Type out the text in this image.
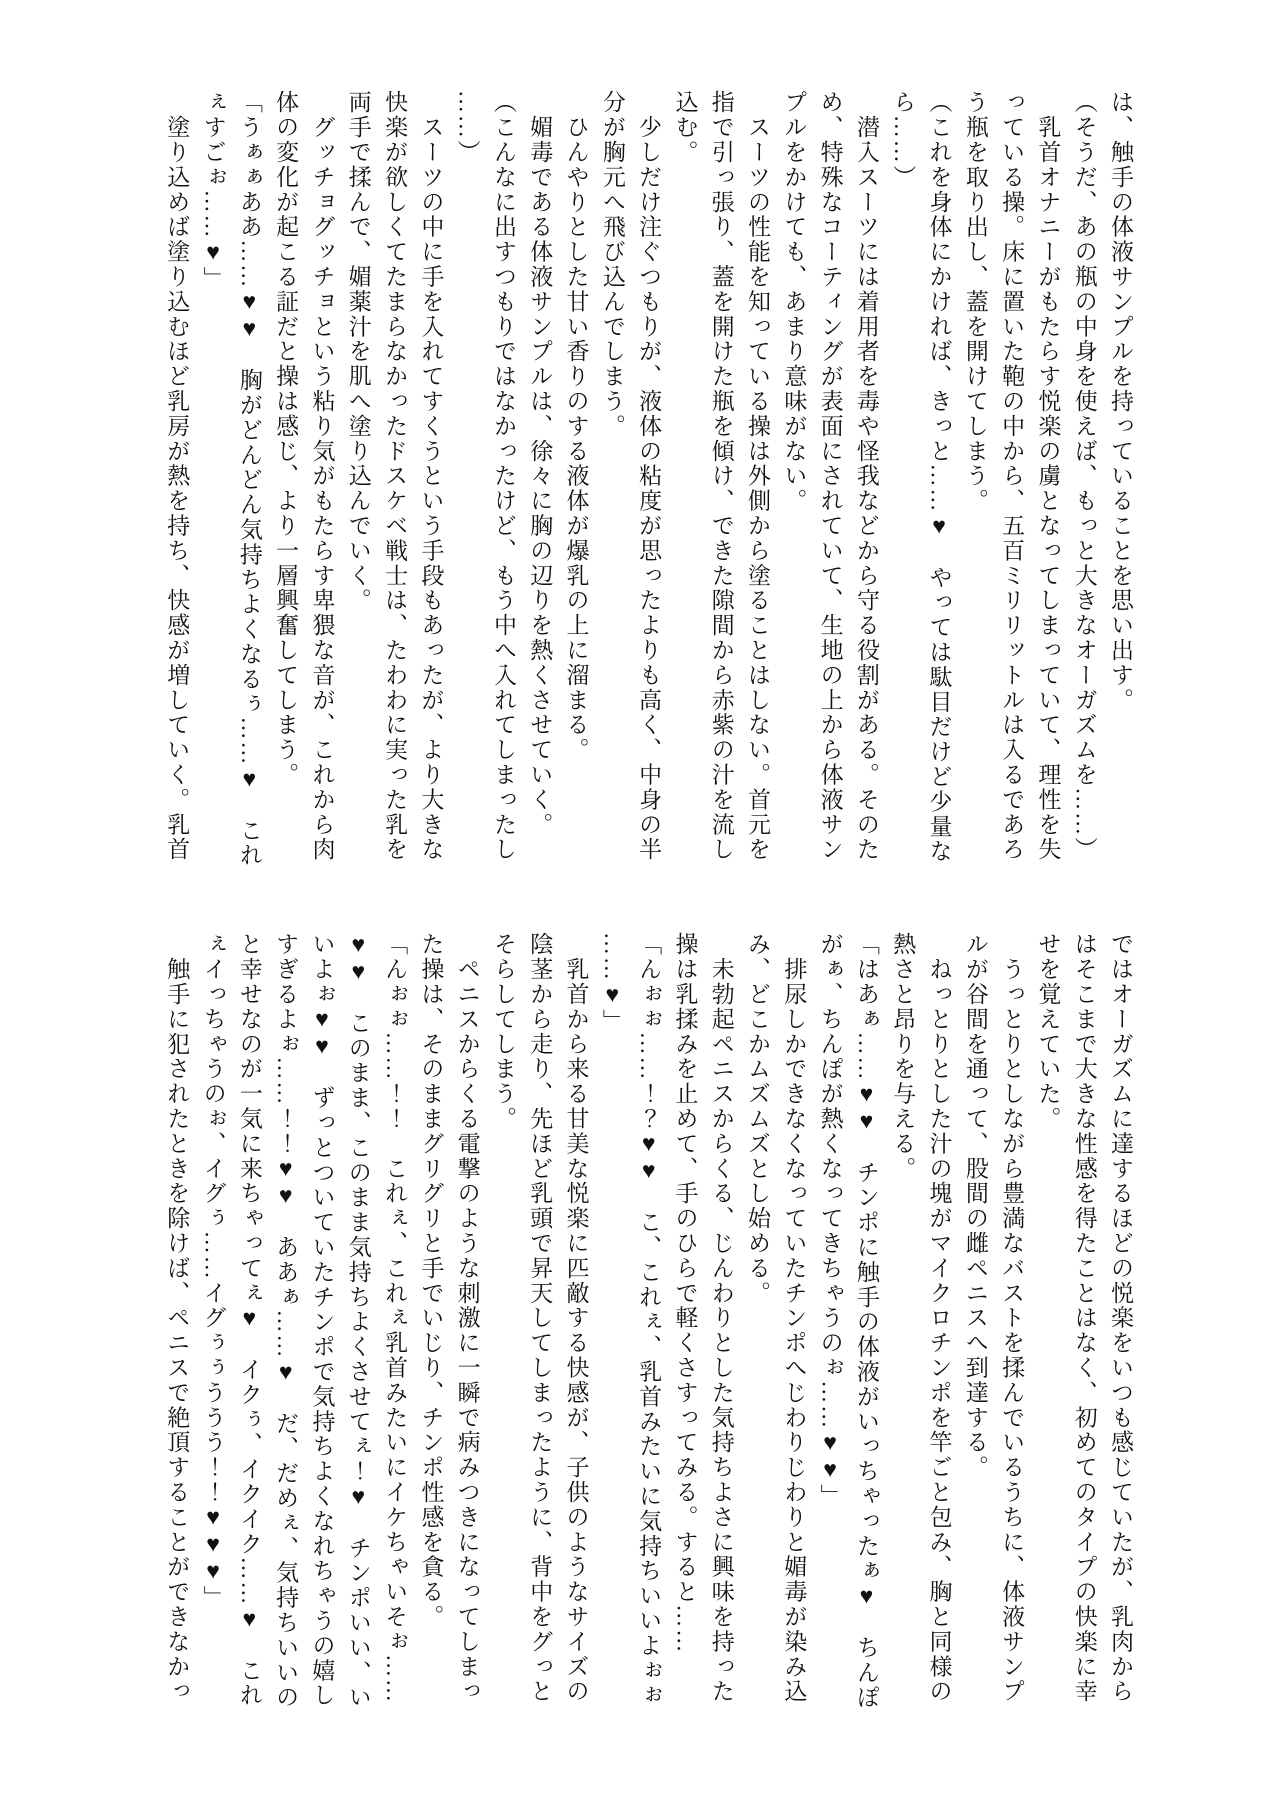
は、触手の体液サンプルを持っていることを思い出す。
（そうだ、あの瓶の中身を使えば、もっと大きなオーガズムを……）
　乳首オナニーがもたらす悦楽の虜となってしまっていて、理性を失
っている操。床に置いた鞄の中から、五百ミリリットルは入るであろ
う瓶を取り出し、蓋を開けてしまう。
（これを身体にかければ、きっと……♥　やっては駄目だけど少量な
ら……）
　潜入スーツには着用者を毒や怪我などから守る役割がある。そのた
め、特殊なコーティングが表面にされていて、生地の上から体液サン
プルをかけても、あまり意味がない。
　スーツの性能を知っている操は外側から塗ることはしない。首元を
指で引っ張り、蓋を開けた瓶を傾け、できた隙間から赤紫の汁を流し
込む。
　少しだけ注ぐつもりが、液体の粘度が思ったよりも高く、中身の半
分が胸元へ飛び込んでしまう。
　ひんやりとした甘い香りのする液体が爆乳の上に溜まる。
　媚毒である体液サンプルは、徐々に胸の辺りを熱くさせていく。
（こんなに出すつもりではなかったけど、もう中へ入れてしまったし
……）
　スーツの中に手を入れてすくうという手段もあったが、より大きな
快楽が欲しくてたまらなかったドスケベ戦士は、たわわに実った乳を
両手で揉んで、媚薬汁を肌へ塗り込んでいく。
　グッチョグッチョという粘り気がもたらす卑猥な音が、これから肉
体の変化が起こる証だと操は感じ、より一層興奮してしまう。
「うぁぁああ……♥♥　胸がどんどん気持ちよくなるぅ……♥　これ
ぇすごぉ……♥」
　塗り込めば塗り込むほど乳房が熱を持ち、快感が増していく。乳首
ではオーガズムに達するほどの悦楽をいつも感じていたが、乳肉から
はそこまで大きな性感を得たことはなく、初めてのタイプの快楽に幸
せを覚えていた。
　うっとりとしながら豊満なバストを揉んでいるうちに、体液サンプ
ルが谷間を通って、股間の雌ペニスへ到達する。
　ねっとりとした汁の塊がマイクロチンポを竿ごと包み、胸と同様の
熱さと昂りを与える。
「はあぁ……♥♥　チンポに触手の体液がいっちゃったぁ♥　ちんぽ
がぁ、ちんぽが熱くなってきちゃうのぉ……♥♥」
　排尿しかできなくなっていたチンポへじわりじわりと媚毒が染み込
み、どこかムズムズとし始める。
　未勃起ペニスからくる、じんわりとした気持ちよさに興味を持った
操は乳揉みを止めて、手のひらで軽くさすってみる。すると……
「んぉぉ……！？♥♥　こ、これぇ、乳首みたいに気持ちいいよぉぉ
……♥」
　乳首から来る甘美な悦楽に匹敵する快感が、子供のようなサイズの
陰茎から走り、先ほど乳頭で昇天してしまったように、背中をグっと
そらしてしまう。
　ペニスからくる電撃のような刺激に一瞬で病みつきになってしまっ
た操は、そのままグリグリと手でいじり、チンポ性感を貪る。
「んぉぉ……！！　これぇ、これぇ乳首みたいにイケちゃいそぉ……
♥♥　このまま、このまま気持ちよくさせてぇ！♥　チンポいい、い
いよぉ♥♥　ずっとついていたチンポで気持ちよくなれちゃうの嬉し
すぎるよぉ……！！♥♥　ああぁ……♥　だ、だめぇ、気持ちいいの
と幸せなのが一気に来ちゃってぇ♥　イクぅ、イクイク……♥　これ
ぇイっちゃうのぉ、イグぅ……イグぅぅううう！！♥♥♥」
　触手に犯されたときを除けば、ペニスで絶頂することができなかっ
